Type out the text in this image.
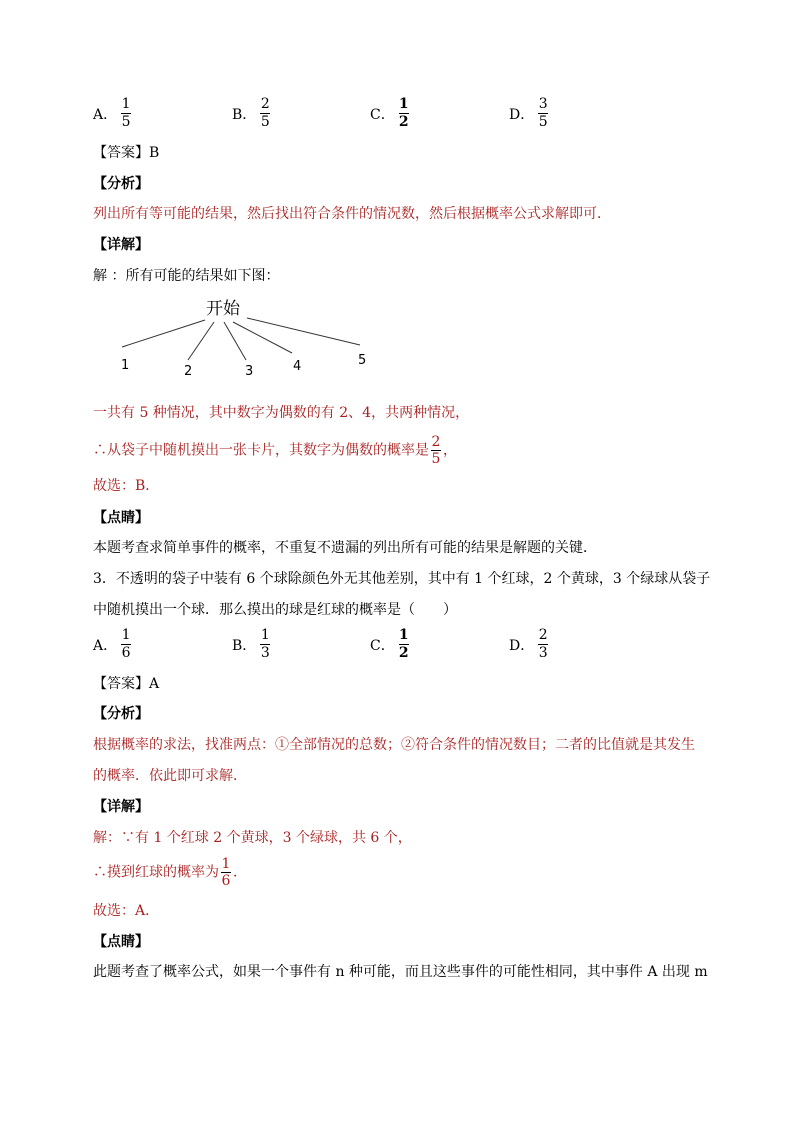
A． $\frac{1}{5}$	B． $\frac{2}{5}$	C． $\frac{1}{2}$	D． $\frac{3}{5}$
【答案】B
【分析】
列出所有等可能的结果，然后找出符合条件的情况数，然后根据概率公式求解即可．
【详解】
解 ：所有可能的结果如下图：
开始
1	2	3	4	5
一共有 5 种情况，其中数字为偶数的有 2、4，共两种情况，
∴从袋子中随机摸出一张卡片，其数字为偶数的概率是 $\frac{2}{5}$ ，
故选：B．
【点睛】
本题考查求简单事件的概率，不重复不遗漏的列出所有可能的结果是解题的关键．
3．不透明的袋子中装有 6 个球除颜色外无其他差别，其中有 1 个红球，2 个黄球，3 个绿球从袋子
中随机摸出一个球．那么摸出的球是红球的概率是（　　）
A． $\frac{1}{6}$	B． $\frac{1}{3}$	C． $\frac{1}{2}$	D． $\frac{2}{3}$
【答案】A
【分析】
根据概率的求法，找准两点：①全部情况的总数；②符合条件的情况数目；二者的比值就是其发生
的概率．依此即可求解．
【详解】
解：∵有 1 个红球 2 个黄球，3 个绿球，共 6 个，
∴摸到红球的概率为 $\frac{1}{6}$ ．
故选：A．
【点睛】
此题考查了概率公式，如果一个事件有 n 种可能，而且这些事件的可能性相同，其中事件 A 出现 m
